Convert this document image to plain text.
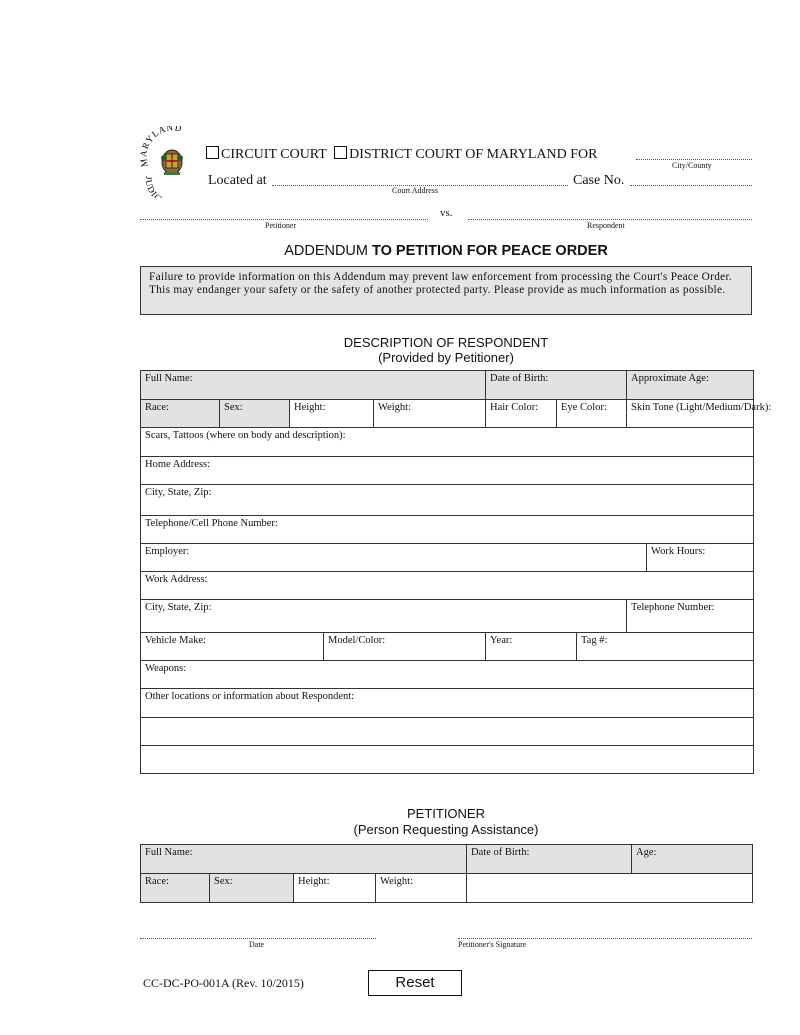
RYLAND
JUDIC
CIRCUIT COURT DISTRICT COURT OF MARYLAND FOR
City/County
Located at
Court Address
Case No.
vs.
Petitioner	Respondent
ADDENDUM TO PETITION FOR PEACE ORDER
Failure to provide information on this Addendum may prevent law enforcement from processing the Court's Peace Order. This may endanger your safety or the safety of another protected party. Please provide as much information as possible.
DESCRIPTION OF RESPONDENT
(Provided by Petitioner)
Full Name:					Date of Birth:			Approximate Age:	
Race:	Sex:	Height:		Weight:	Hair Color:	Eye Color:		Skin Tone (Light/Medium/Dark):	
Scars, Tattoos (where on body and description):									
Home Address:									
City, State, Zip:									
Telephone/Cell Phone Number:									
Employer:									Work Hours:
Work Address:									
City, State, Zip:								Telephone Number:	
Vehicle Make:			Model/Color:		Year:		Tag #:		
Weapons:									
Other locations or information about Respondent:									

PETITIONER
(Person Requesting Assistance)
Full Name:				Date of Birth:	Age:
Race:	Sex:	Height:	Weight:		
Date	Petitioner's Signature
CC-DC-PO-001A (Rev. 10/2015)	Reset
